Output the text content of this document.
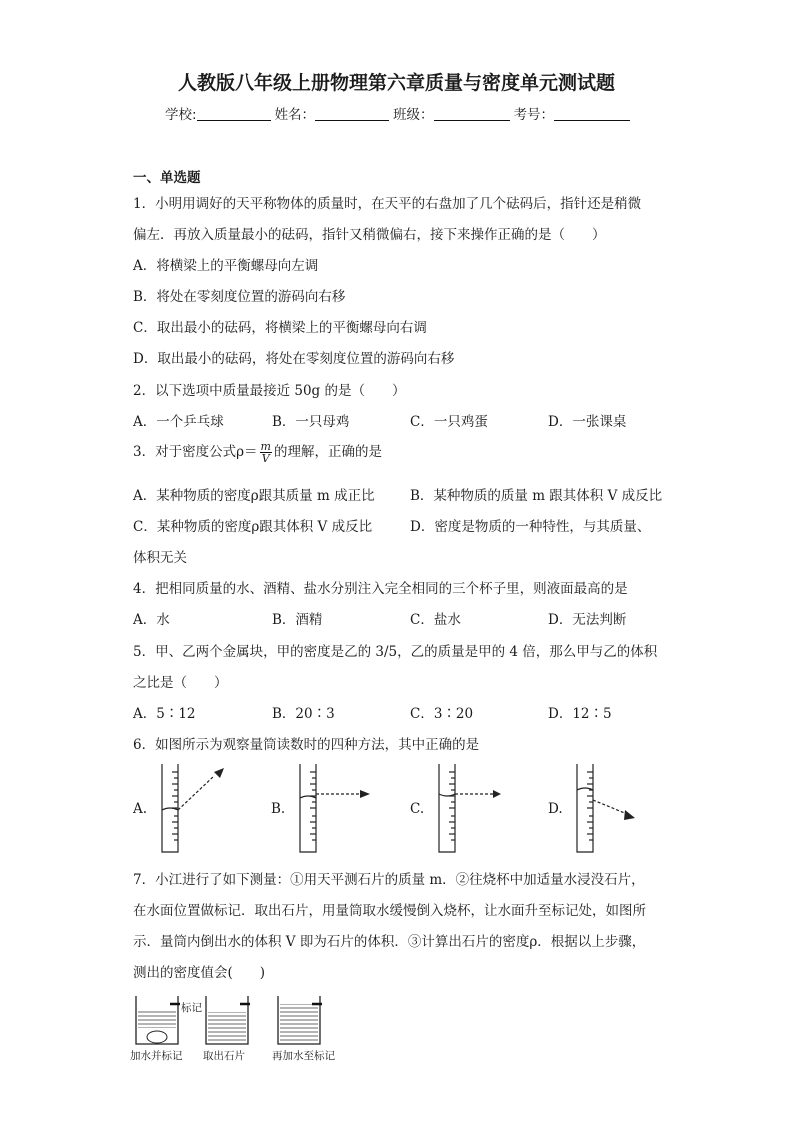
人教版八年级上册物理第六章质量与密度单元测试题
学校:	姓名：	班级：	考号：
一、单选题
1．小明用调好的天平称物体的质量时，在天平的右盘加了几个砝码后，指针还是稍微
偏左．再放入质量最小的砝码，指针又稍微偏右，接下来操作正确的是（　　）
A．将横梁上的平衡螺母向左调
B．将处在零刻度位置的游码向右移
C．取出最小的砝码，将横梁上的平衡螺母向右调
D．取出最小的砝码，将处在零刻度位置的游码向右移
2．以下选项中质量最接近 50g 的是（　　）
A．一个乒乓球	B．一只母鸡	C．一只鸡蛋	D．一张课桌
3．对于密度公式$\rho= \frac{m}{V}$ 的理解，正确的是
A．某种物质的密度ρ跟其质量 m 成正比	B．某种物质的质量 m 跟其体积 V 成反比
C．某种物质的密度ρ跟其体积 V 成反比	D．密度是物质的一种特性，与其质量、
体积无关
4．把相同质量的水、酒精、盐水分别注入完全相同的三个杯子里，则液面最高的是
A．水	B．酒精	C．盐水	D．无法判断
5．甲、乙两个金属块，甲的密度是乙的 3/5，乙的质量是甲的 4 倍，那么甲与乙的体积
之比是（　　）
A．5∶12	B．20∶3	C．3∶20	D．12∶5
6．如图所示为观察量筒读数时的四种方法，其中正确的是
A.	B.	C.	D.
7．小江进行了如下测量：①用天平测石片的质量 m．②往烧杯中加适量水浸没石片，
在水面位置做标记．取出石片，用量筒取水缓慢倒入烧杯，让水面升至标记处，如图所
示．量筒内倒出水的体积 V 即为石片的体积．③计算出石片的密度ρ．根据以上步骤，
测出的密度值会(　　)
标记
加水并标记 取出石片	再加水至标记
